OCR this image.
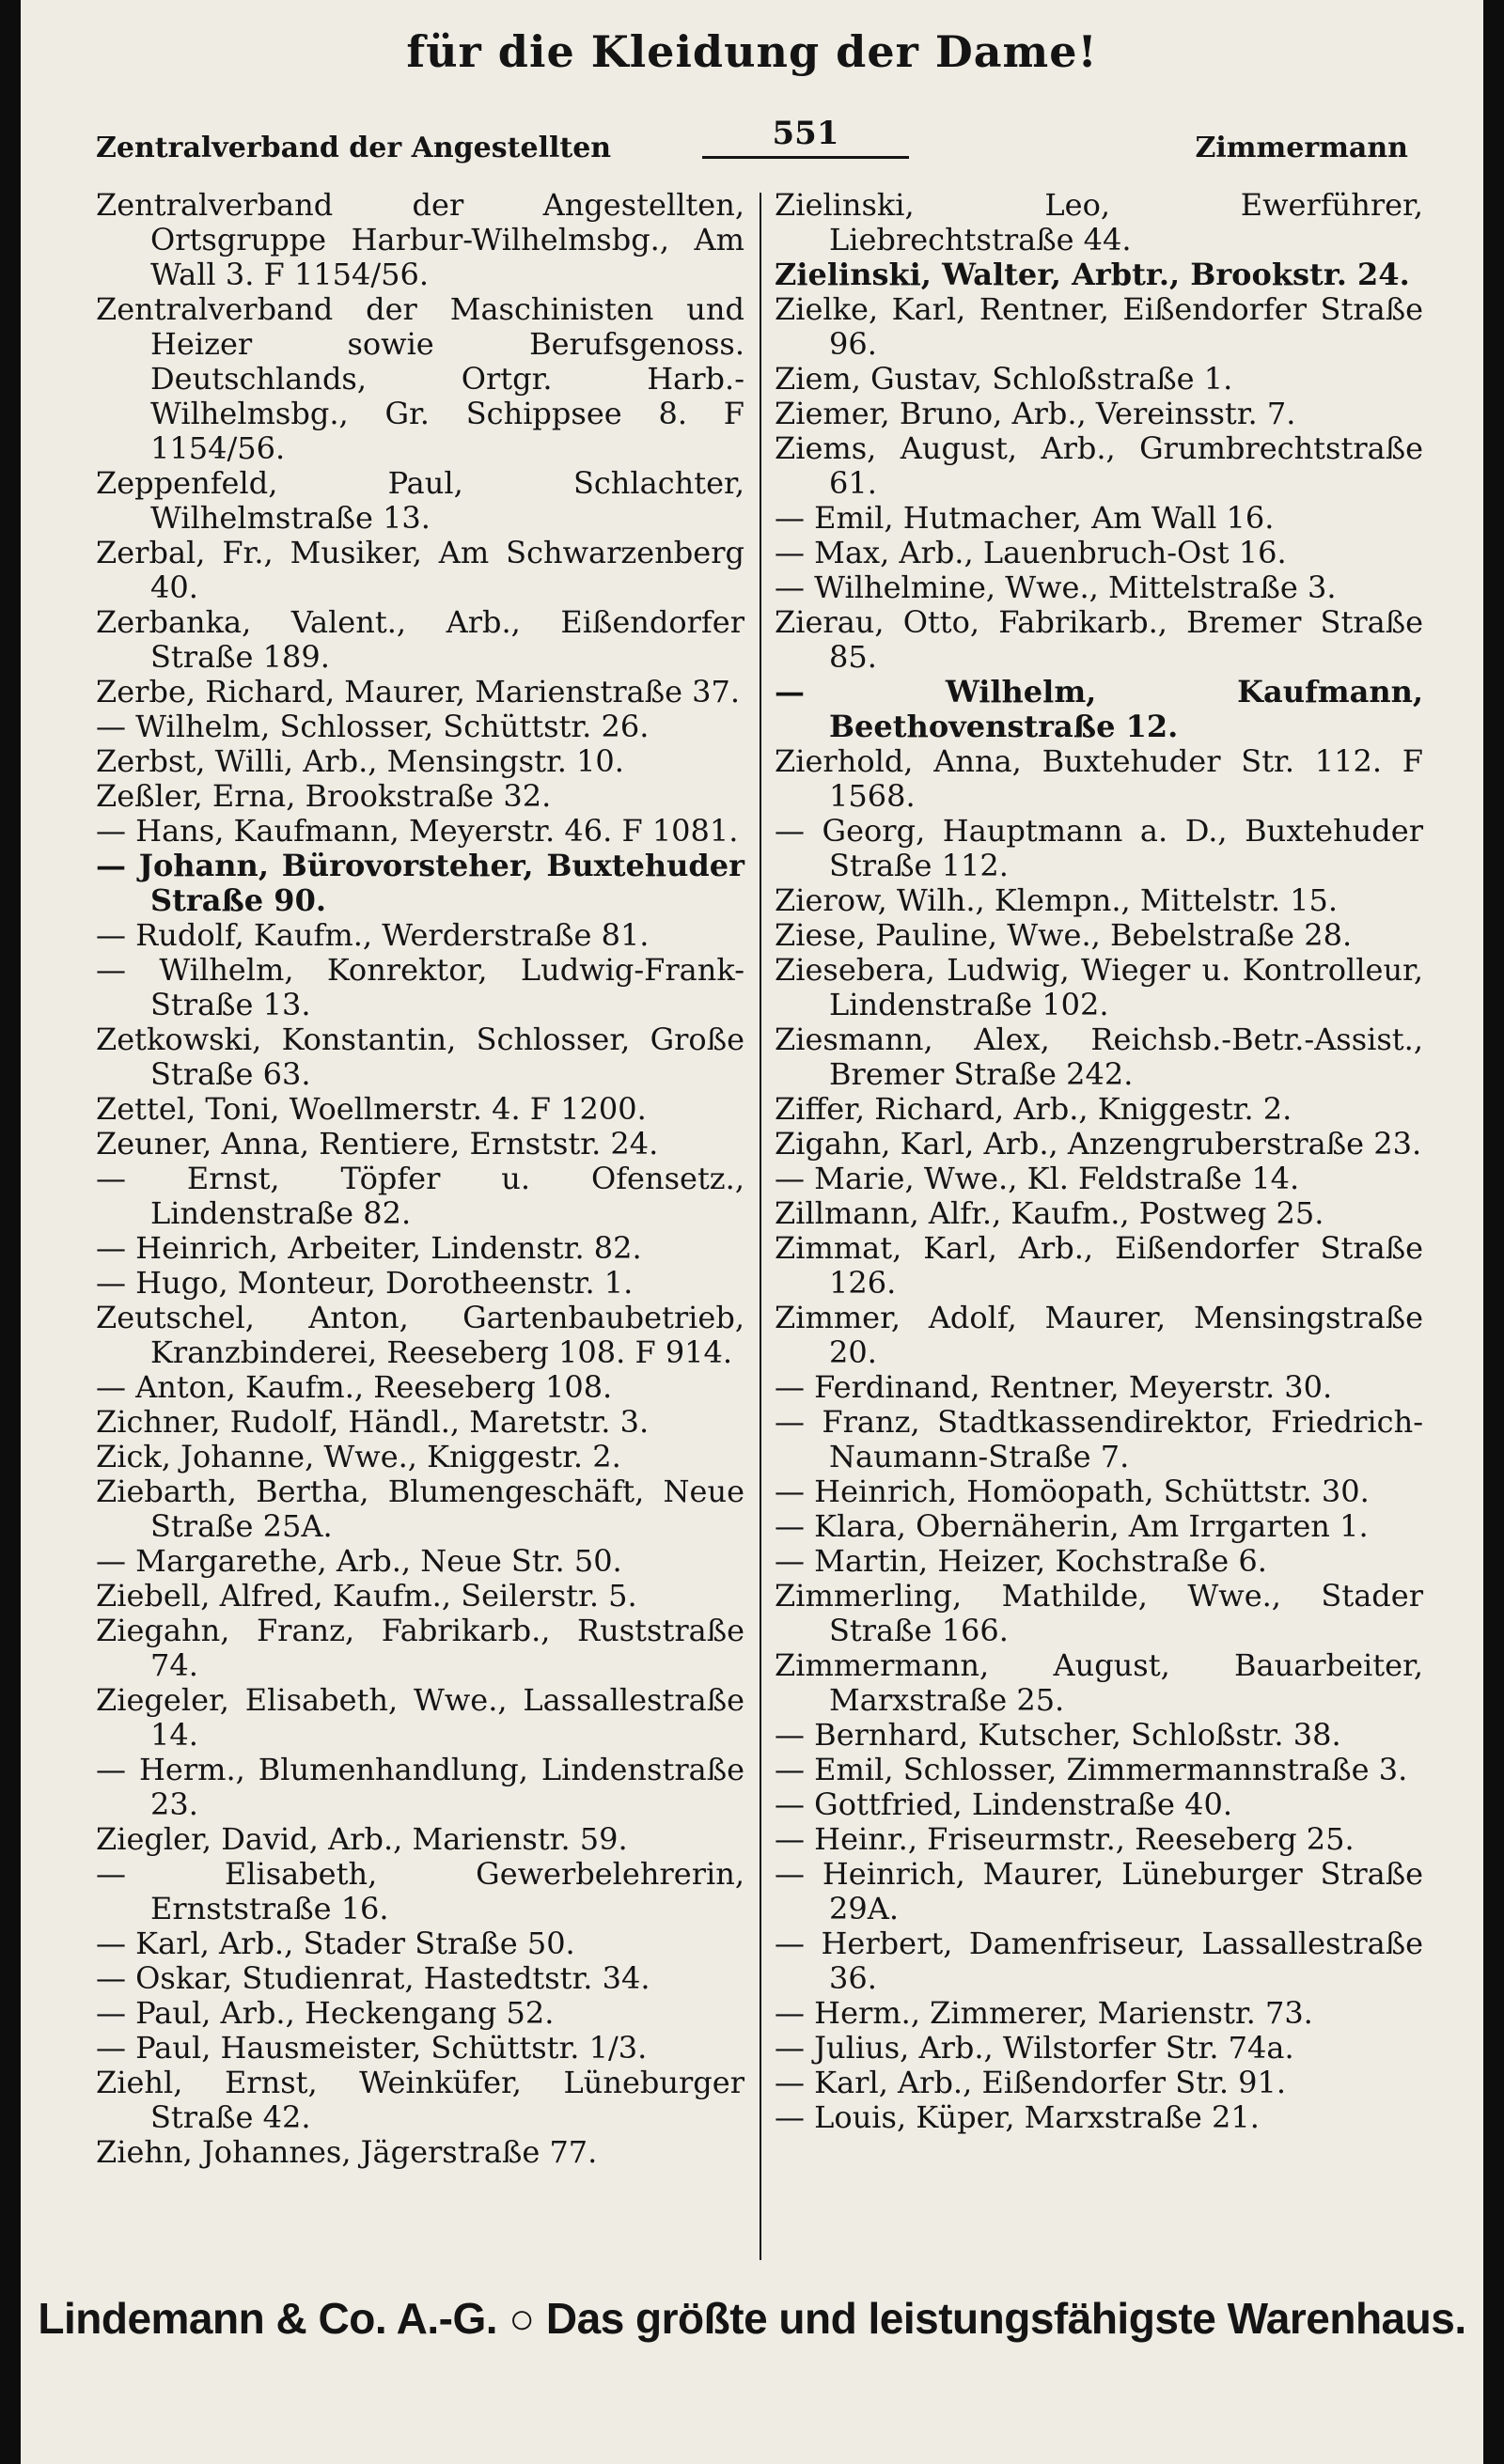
für die Kleidung der Dame!
Zentralverband der Angestellten	551	Zimmermann
Zentralverband der Angestellten, Ortsgruppe Harbur-Wilhelmsbg., Am Wall 3. F 1154/56.
Zentralverband der Maschinisten und Heizer sowie Berufsgenoss. Deutschlands, Ortgr. Harb.-Wilhelmsbg., Gr. Schippsee 8. F 1154/56.
Zeppenfeld, Paul, Schlachter, Wilhelmstraße 13.
Zerbal, Fr., Musiker, Am Schwarzenberg 40.
Zerbanka, Valent., Arb., Eißendorfer Straße 189.
Zerbe, Richard, Maurer, Marienstraße 37.
— Wilhelm, Schlosser, Schüttstr. 26.
Zerbst, Willi, Arb., Mensingstr. 10.
Zeßler, Erna, Brookstraße 32.
— Hans, Kaufmann, Meyerstr. 46. F 1081.
— Johann, Bürovorsteher, Buxtehuder Straße 90.
— Rudolf, Kaufm., Werderstraße 81.
— Wilhelm, Konrektor, Ludwig-Frank-Straße 13.
Zetkowski, Konstantin, Schlosser, Große Straße 63.
Zettel, Toni, Woellmerstr. 4. F 1200.
Zeuner, Anna, Rentiere, Ernststr. 24.
— Ernst, Töpfer u. Ofensetz., Lindenstraße 82.
— Heinrich, Arbeiter, Lindenstr. 82.
— Hugo, Monteur, Dorotheenstr. 1.
Zeutschel, Anton, Gartenbaubetrieb, Kranzbinderei, Reeseberg 108. F 914.
— Anton, Kaufm., Reeseberg 108.
Zichner, Rudolf, Händl., Maretstr. 3.
Zick, Johanne, Wwe., Kniggestr. 2.
Ziebarth, Bertha, Blumengeschäft, Neue Straße 25A.
— Margarethe, Arb., Neue Str. 50.
Ziebell, Alfred, Kaufm., Seilerstr. 5.
Ziegahn, Franz, Fabrikarb., Ruststraße 74.
Ziegeler, Elisabeth, Wwe., Lassallestraße 14.
— Herm., Blumenhandlung, Lindenstraße 23.
Ziegler, David, Arb., Marienstr. 59.
— Elisabeth, Gewerbelehrerin, Ernststraße 16.
— Karl, Arb., Stader Straße 50.
— Oskar, Studienrat, Hastedtstr. 34.
— Paul, Arb., Heckengang 52.
— Paul, Hausmeister, Schüttstr. 1/3.
Ziehl, Ernst, Weinküfer, Lüneburger Straße 42.
Ziehn, Johannes, Jägerstraße 77.
Zielinski, Leo, Ewerführer, Liebrechtstraße 44.
Zielinski, Walter, Arbtr., Brookstr. 24.
Zielke, Karl, Rentner, Eißendorfer Straße 96.
Ziem, Gustav, Schloßstraße 1.
Ziemer, Bruno, Arb., Vereinsstr. 7.
Ziems, August, Arb., Grumbrechtstraße 61.
— Emil, Hutmacher, Am Wall 16.
— Max, Arb., Lauenbruch-Ost 16.
— Wilhelmine, Wwe., Mittelstraße 3.
Zierau, Otto, Fabrikarb., Bremer Straße 85.
— Wilhelm, Kaufmann, Beethovenstraße 12.
Zierhold, Anna, Buxtehuder Str. 112. F 1568.
— Georg, Hauptmann a. D., Buxtehuder Straße 112.
Zierow, Wilh., Klempn., Mittelstr. 15.
Ziese, Pauline, Wwe., Bebelstraße 28.
Ziesebera, Ludwig, Wieger u. Kontrolleur, Lindenstraße 102.
Ziesmann, Alex, Reichsb.-Betr.-Assist., Bremer Straße 242.
Ziffer, Richard, Arb., Kniggestr. 2.
Zigahn, Karl, Arb., Anzengruberstraße 23.
— Marie, Wwe., Kl. Feldstraße 14.
Zillmann, Alfr., Kaufm., Postweg 25.
Zimmat, Karl, Arb., Eißendorfer Straße 126.
Zimmer, Adolf, Maurer, Mensingstraße 20.
— Ferdinand, Rentner, Meyerstr. 30.
— Franz, Stadtkassendirektor, Friedrich-Naumann-Straße 7.
— Heinrich, Homöopath, Schüttstr. 30.
— Klara, Obernäherin, Am Irrgarten 1.
— Martin, Heizer, Kochstraße 6.
Zimmerling, Mathilde, Wwe., Stader Straße 166.
Zimmermann, August, Bauarbeiter, Marxstraße 25.
— Bernhard, Kutscher, Schloßstr. 38.
— Emil, Schlosser, Zimmermannstraße 3.
— Gottfried, Lindenstraße 40.
— Heinr., Friseurmstr., Reeseberg 25.
— Heinrich, Maurer, Lüneburger Straße 29A.
— Herbert, Damenfriseur, Lassallestraße 36.
— Herm., Zimmerer, Marienstr. 73.
— Julius, Arb., Wilstorfer Str. 74a.
— Karl, Arb., Eißendorfer Str. 91.
— Louis, Küper, Marxstraße 21.
Lindemann & Co. A.-G. ○ Das größte und leistungsfähigste Warenhaus.
